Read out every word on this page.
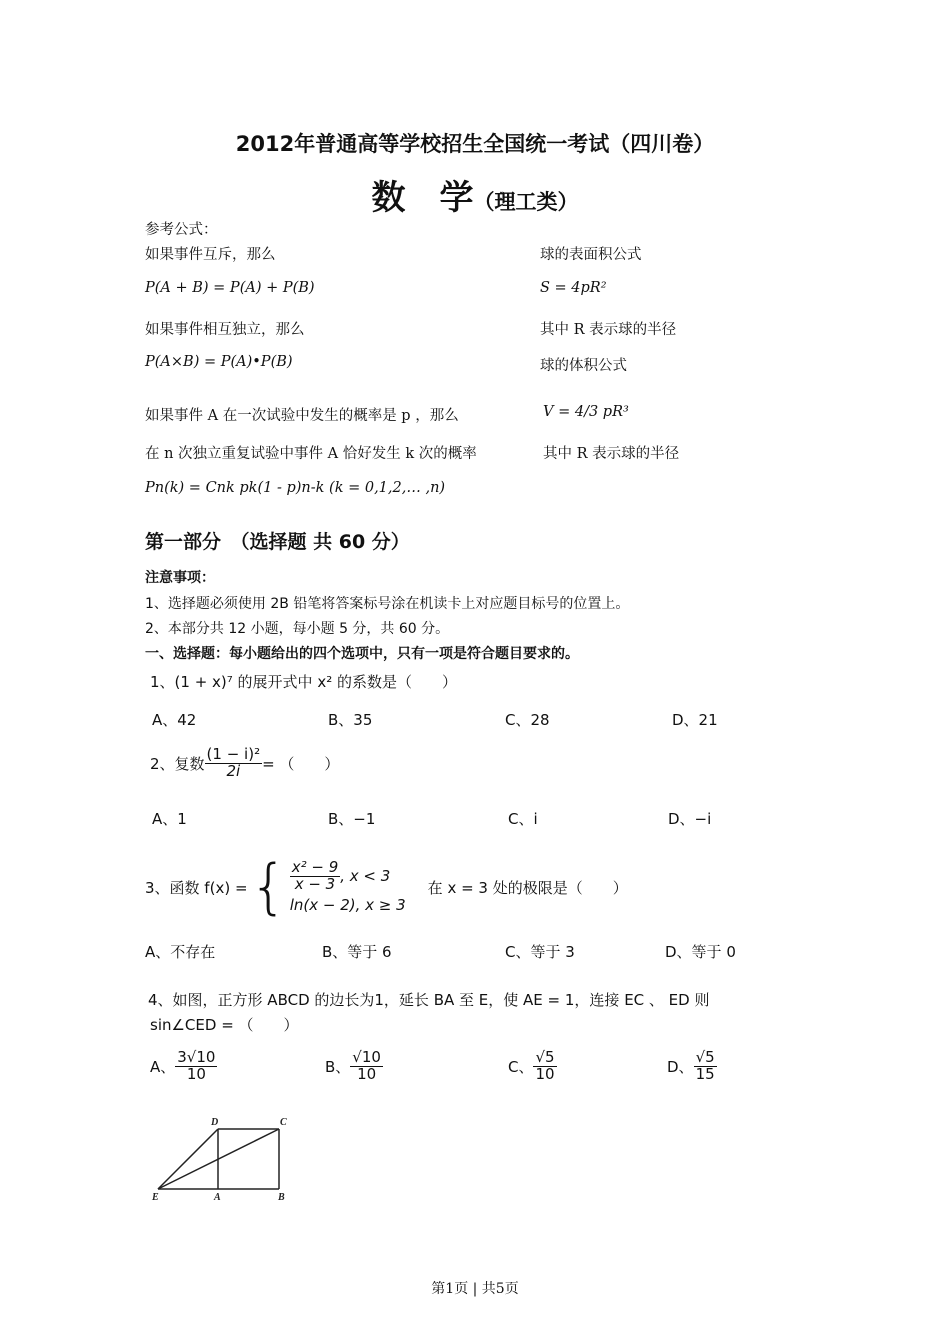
2012年普通高等学校招生全国统一考试（四川卷）
数　学（理工类）
参考公式：
如果事件互斥，那么
P(A + B) = P(A) + P(B)
如果事件相互独立，那么
P(A×B) = P(A)•P(B)
如果事件 A 在一次试验中发生的概率是 p ，那么
在 n 次独立重复试验中事件 A 恰好发生 k 次的概率
Pn(k) = Cnk pk(1 - p)n-k (k = 0,1,2,… ,n)
球的表面积公式
S = 4pR²
其中 R 表示球的半径
球的体积公式
V = 4/3 pR³
其中 R 表示球的半径
第一部分　（选择题 共 60 分）
注意事项：
1、选择题必须使用 2B 铅笔将答案标号涂在机读卡上对应题目标号的位置上。
2、本部分共 12 小题，每小题 5 分，共 60 分。
一、选择题：每小题给出的四个选项中，只有一项是符合题目要求的。
1、(1 + x)⁷ 的展开式中 x² 的系数是（　　）
A、42	B、35	C、28	D、21
2、复数 $\frac{\text{(1 − i)²}}{2i}$ = （　　）
A、1	B、−1	C、i	D、−i
3、函数 f(x) = { $\frac{\text{x² − 9}}{x - 3}$ , x < 3
ln(x − 2), x ≥ 3
在 x = 3 处的极限是（　　）
A、不存在	B、等于 6	C、等于 3	D、等于 0
4、如图，正方形 ABCD 的边长为1，延长 BA 至 E，使 AE = 1，连接 EC 、 ED 则
sin∠CED = （　　）
A、 $\frac{3√10}{10}$	B、 $\frac{√10}{10}$	C、 $\frac{√5}{10}$	D、 $\frac{√5}{15}$
D	C
E	A	B
第1页 | 共5页
